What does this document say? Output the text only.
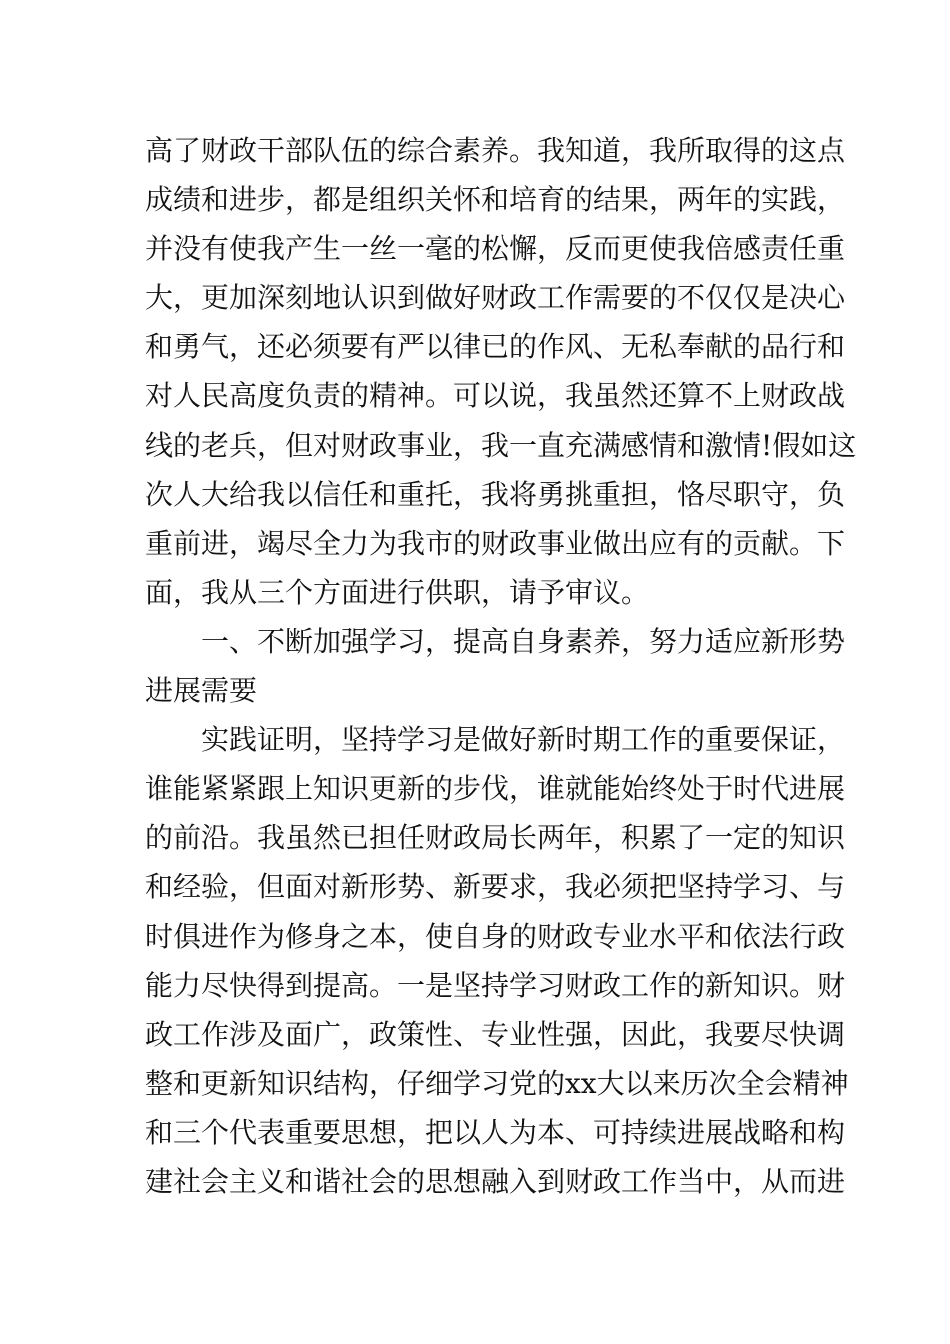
高了财政干部队伍的综合素养。我知道，我所取得的这点
成绩和进步，都是组织关怀和培育的结果，两年的实践，
并没有使我产生一丝一毫的松懈，反而更使我倍感责任重
大，更加深刻地认识到做好财政工作需要的不仅仅是决心
和勇气，还必须要有严以律已的作风、无私奉献的品行和
对人民高度负责的精神。可以说，我虽然还算不上财政战
线的老兵，但对财政事业，我一直充满感情和激情!假如这
次人大给我以信任和重托，我将勇挑重担，恪尽职守，负
重前进，竭尽全力为我市的财政事业做出应有的贡献。下
面，我从三个方面进行供职，请予审议。
一、不断加强学习，提高自身素养，努力适应新形势
进展需要
实践证明，坚持学习是做好新时期工作的重要保证，
谁能紧紧跟上知识更新的步伐，谁就能始终处于时代进展
的前沿。我虽然已担任财政局长两年，积累了一定的知识
和经验，但面对新形势、新要求，我必须把坚持学习、与
时俱进作为修身之本，使自身的财政专业水平和依法行政
能力尽快得到提高。一是坚持学习财政工作的新知识。财
政工作涉及面广，政策性、专业性强，因此，我要尽快调
整和更新知识结构，仔细学习党的xx大以来历次全会精神
和三个代表重要思想，把以人为本、可持续进展战略和构
建社会主义和谐社会的思想融入到财政工作当中，从而进
